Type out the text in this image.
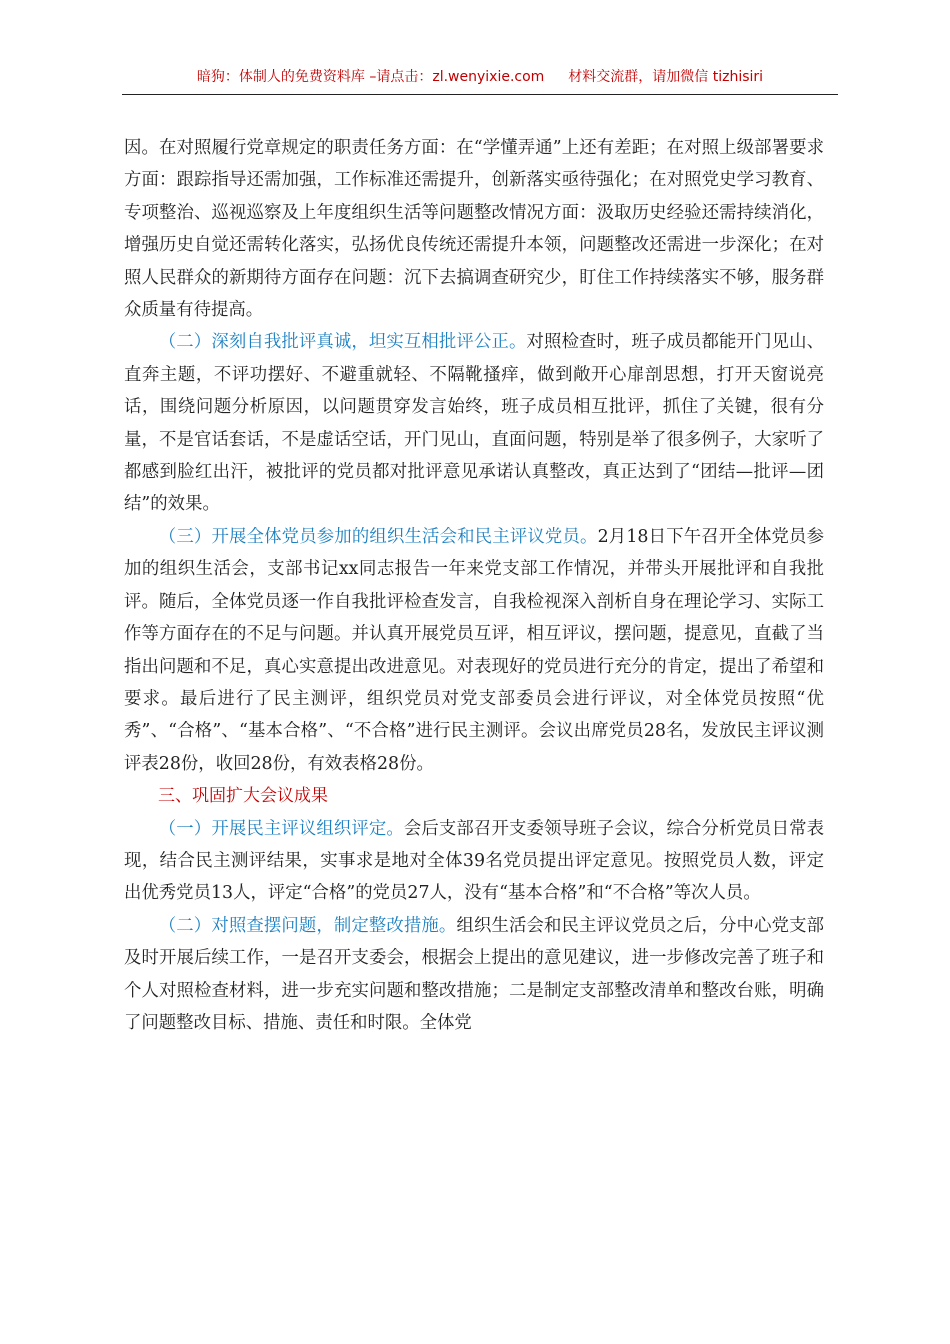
暗狗：体制人的免费资料库 –请点击：zl.wenyixie.com 材料交流群，请加微信 tizhisiri

因。在对照履行党章规定的职责任务方面：在“学懂弄通”上还有差距；在对照上级部署要求方面：跟踪指导还需加强，工作标准还需提升，创新落实亟待强化；在对照党史学习教育、专项整治、巡视巡察及上年度组织生活等问题整改情况方面：汲取历史经验还需持续消化，增强历史自觉还需转化落实，弘扬优良传统还需提升本领，问题整改还需进一步深化；在对照人民群众的新期待方面存在问题：沉下去搞调查研究少，盯住工作持续落实不够，服务群众质量有待提高。

（二）深刻自我批评真诚，坦实互相批评公正。对照检查时，班子成员都能开门见山、直奔主题，不评功摆好、不避重就轻、不隔靴搔痒，做到敞开心扉剖思想，打开天窗说亮话，围绕问题分析原因，以问题贯穿发言始终，班子成员相互批评，抓住了关键，很有分量，不是官话套话，不是虚话空话，开门见山，直面问题，特别是举了很多例子，大家听了都感到脸红出汗，被批评的党员都对批评意见承诺认真整改，真正达到了“团结—批评—团结”的效果。

（三）开展全体党员参加的组织生活会和民主评议党员。2月18日下午召开全体党员参加的组织生活会，支部书记xx同志报告一年来党支部工作情况，并带头开展批评和自我批评。随后，全体党员逐一作自我批评检查发言，自我检视深入剖析自身在理论学习、实际工作等方面存在的不足与问题。并认真开展党员互评，相互评议，摆问题，提意见，直截了当指出问题和不足，真心实意提出改进意见。对表现好的党员进行充分的肯定，提出了希望和要求。最后进行了民主测评，组织党员对党支部委员会进行评议，对全体党员按照“优秀”、“合格”、“基本合格”、“不合格”进行民主测评。会议出席党员28名，发放民主评议测评表28份，收回28份，有效表格28份。

三、巩固扩大会议成果

（一）开展民主评议组织评定。会后支部召开支委领导班子会议，综合分析党员日常表现，结合民主测评结果，实事求是地对全体39名党员提出评定意见。按照党员人数，评定出优秀党员13人，评定“合格”的党员27人，没有“基本合格”和“不合格”等次人员。

（二）对照查摆问题，制定整改措施。组织生活会和民主评议党员之后，分中心党支部及时开展后续工作，一是召开支委会，根据会上提出的意见建议，进一步修改完善了班子和个人对照检查材料，进一步充实问题和整改措施；二是制定支部整改清单和整改台账，明确了问题整改目标、措施、责任和时限。全体党
